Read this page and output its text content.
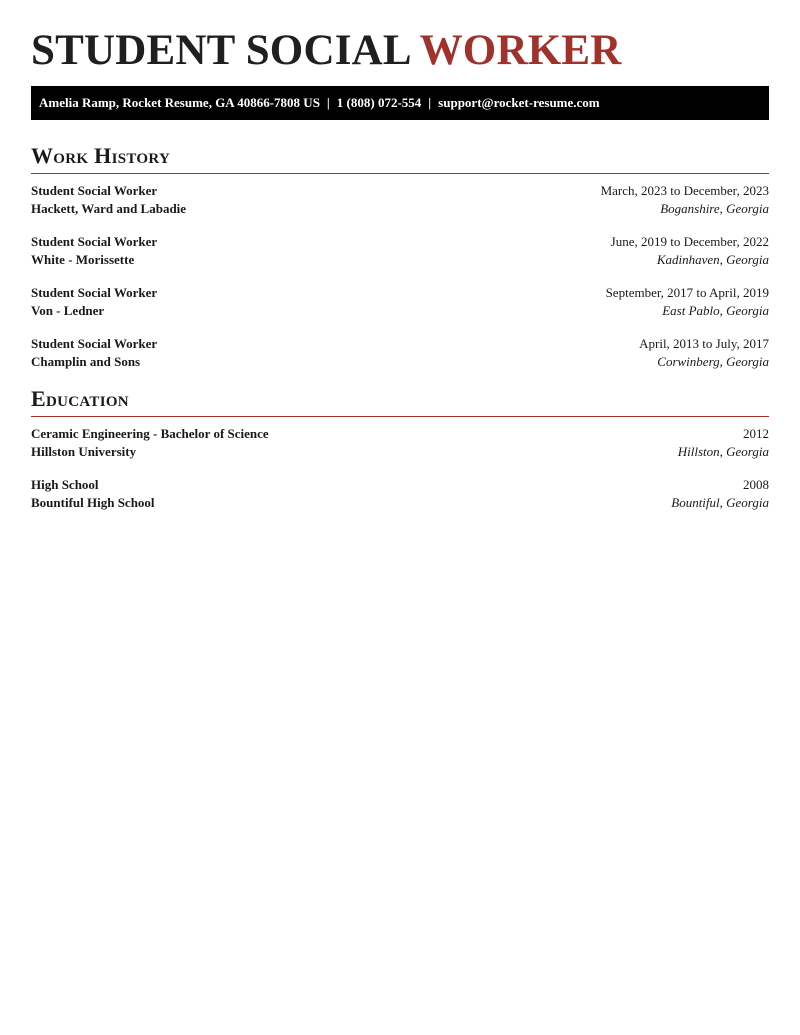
STUDENT SOCIAL WORKER
Amelia Ramp, Rocket Resume, GA 40866-7808 US | 1 (808) 072-554 | support@rocket-resume.com
Work History
Student Social Worker	March, 2023 to December, 2023
Hackett, Ward and Labadie	Boganshire, Georgia
Student Social Worker	June, 2019 to December, 2022
White - Morissette	Kadinhaven, Georgia
Student Social Worker	September, 2017 to April, 2019
Von - Ledner	East Pablo, Georgia
Student Social Worker	April, 2013 to July, 2017
Champlin and Sons	Corwinberg, Georgia
Education
Ceramic Engineering - Bachelor of Science	2012
Hillston University	Hillston, Georgia
High School	2008
Bountiful High School	Bountiful, Georgia
